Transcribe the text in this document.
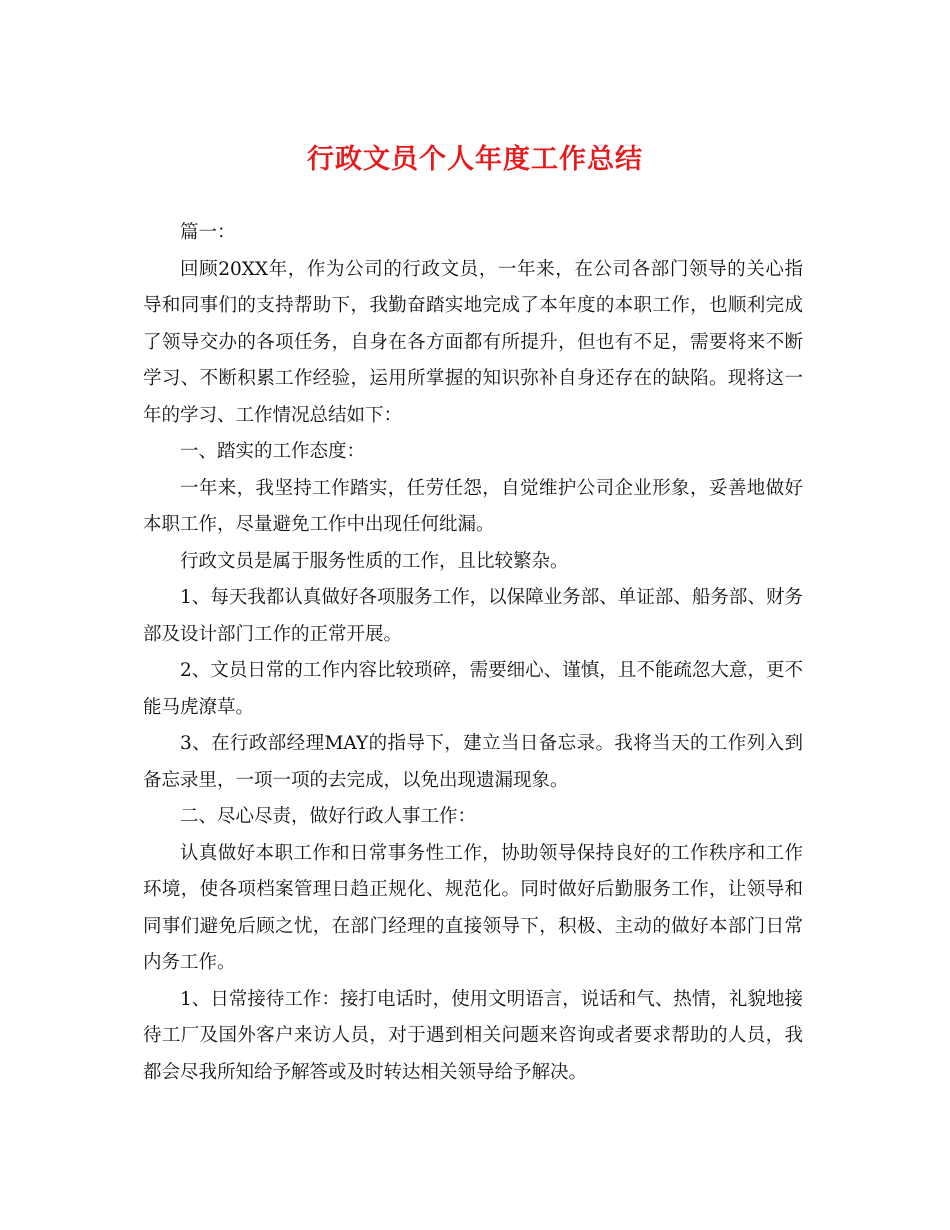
行政文员个人年度工作总结

篇一：

回顾20XX年，作为公司的行政文员，一年来，在公司各部门领导的关心指导和同事们的支持帮助下，我勤奋踏实地完成了本年度的本职工作，也顺利完成了领导交办的各项任务，自身在各方面都有所提升，但也有不足，需要将来不断学习、不断积累工作经验，运用所掌握的知识弥补自身还存在的缺陷。现将这一年的学习、工作情况总结如下：

一、踏实的工作态度：

一年来，我坚持工作踏实，任劳任怨，自觉维护公司企业形象，妥善地做好本职工作，尽量避免工作中出现任何纰漏。

行政文员是属于服务性质的工作，且比较繁杂。

1、每天我都认真做好各项服务工作，以保障业务部、单证部、船务部、财务部及设计部门工作的正常开展。

2、文员日常的工作内容比较琐碎，需要细心、谨慎，且不能疏忽大意，更不能马虎潦草。

3、在行政部经理MAY的指导下，建立当日备忘录。我将当天的工作列入到备忘录里，一项一项的去完成，以免出现遗漏现象。

二、尽心尽责，做好行政人事工作：

认真做好本职工作和日常事务性工作，协助领导保持良好的工作秩序和工作环境，使各项档案管理日趋正规化、规范化。同时做好后勤服务工作，让领导和同事们避免后顾之忧，在部门经理的直接领导下，积极、主动的做好本部门日常内务工作。

1、日常接待工作：接打电话时，使用文明语言，说话和气、热情，礼貌地接待工厂及国外客户来访人员，对于遇到相关问题来咨询或者要求帮助的人员，我都会尽我所知给予解答或及时转达相关领导给予解决。
